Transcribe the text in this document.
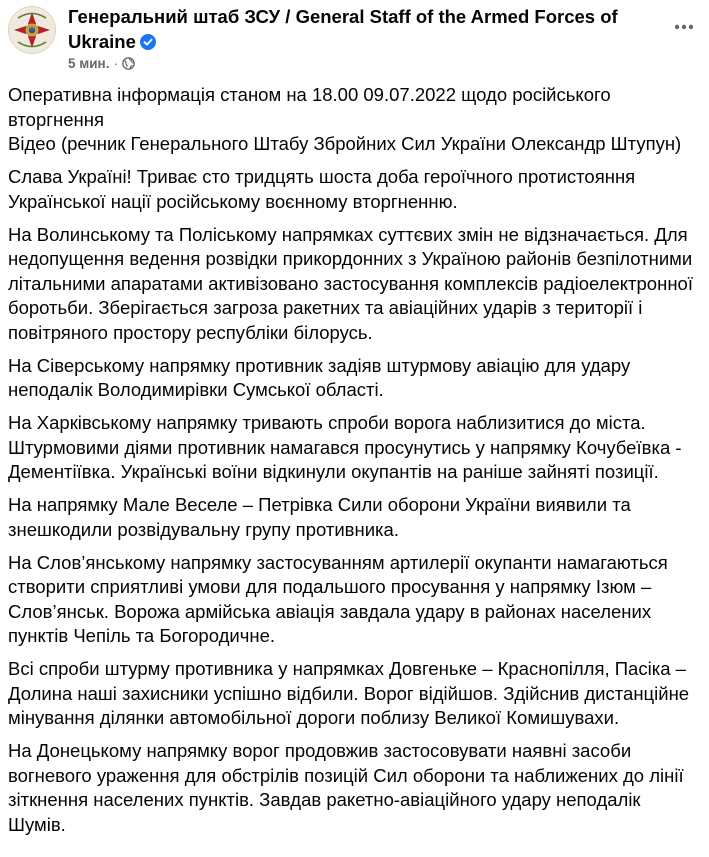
Генеральний штаб ЗСУ / General Staff of the Armed Forces of Ukraine
5 мин. ·

Оперативна інформація станом на 18.00 09.07.2022 щодо російського вторгнення

Відео (речник Генерального Штабу Збройних Сил України Олександр Штупун)

Слава Україні! Триває сто тридцять шоста доба героїчного протистояння Української нації російському воєнному вторгненню.

На Волинському та Поліському напрямках суттєвих змін не відзначається. Для недопущення ведення розвідки прикордонних з Україною районів безпілотними літальними апаратами активізовано застосування комплексів радіоелектронної боротьби. Зберігається загроза ракетних та авіаційних ударів з території і повітряного простору республіки білорусь.

На Сіверському напрямку противник задіяв штурмову авіацію для удару неподалік Володимирівки Сумської області.

На Харківському напрямку тривають спроби ворога наблизитися до міста. Штурмовими діями противник намагався просунутись у напрямку Кочубеївка - Дементіївка. Українські воїни відкинули окупантів на раніше зайняті позиції.

На напрямку Мале Веселе – Петрівка Сили оборони України виявили та знешкодили розвідувальну групу противника.

На Слов’янському напрямку застосуванням артилерії окупанти намагаються створити сприятливі умови для подальшого просування у напрямку Ізюм – Слов’янськ. Ворожа армійська авіація завдала удару в районах населених пунктів Чепіль та Богородичне.

Всі спроби штурму противника у напрямках Довгеньке – Краснопілля, Пасіка – Долина наші захисники успішно відбили. Ворог відійшов. Здійснив дистанційне мінування ділянки автомобільної дороги поблизу Великої Комишувахи.

На Донецькому напрямку ворог продовжив застосовувати наявні засоби вогневого ураження для обстрілів позицій Сил оборони та наближених до лінії зіткнення населених пунктів. Завдав ракетно-авіаційного удару неподалік Шумів.
